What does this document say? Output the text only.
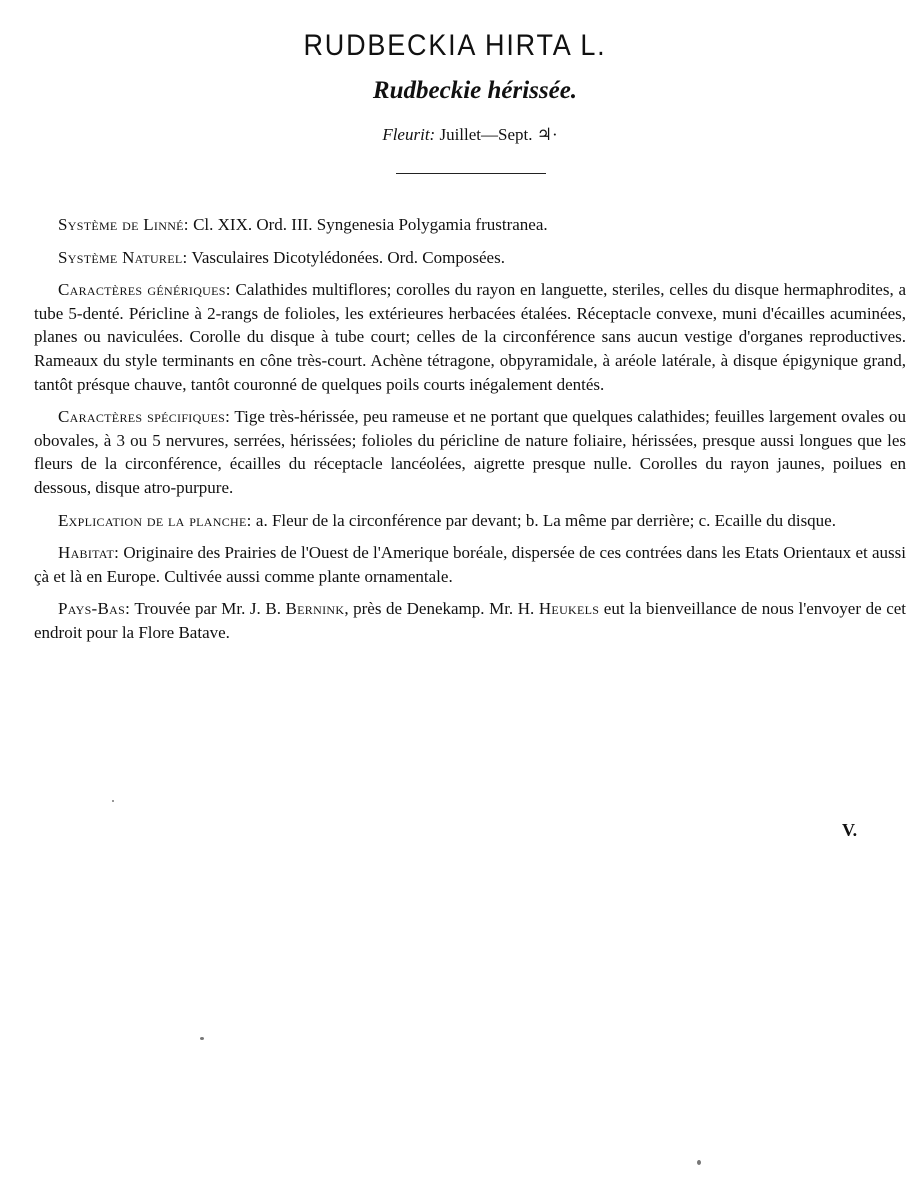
RUDBECKIA HIRTA L.
Rudbeckie hérissée.

Fleurit: Juillet—Sept. ♃·

Système de Linné: Cl. XIX. Ord. III. Syngenesia Polygamia frustranea.

Système Naturel: Vasculaires Dicotylédonées. Ord. Composées.

Caractères génériques: Calathides multiflores; corolles du rayon en languette, steriles, celles du disque hermaphrodites, a tube 5-denté. Péricline à 2-rangs de folioles, les extérieures herbacées étalées. Réceptacle convexe, muni d'écailles acuminées, planes ou naviculées. Corolle du disque à tube court; celles de la circonférence sans aucun vestige d'organes reproductives. Rameaux du style terminants en cône très-court. Achène tétragone, obpyramidale, à aréole latérale, à disque épigynique grand, tantôt présque chauve, tantôt couronné de quelques poils courts inégalement dentés.

Caractères spécifiques: Tige très-hérissée, peu rameuse et ne portant que quelques calathides; feuilles largement ovales ou obovales, à 3 ou 5 nervures, serrées, hérissées; folioles du péricline de nature foliaire, hérissées, presque aussi longues que les fleurs de la circonférence, écailles du réceptacle lancéolées, aigrette presque nulle. Corolles du rayon jaunes, poilues en dessous, disque atro-purpure.

Explication de la planche: a. Fleur de la circonférence par devant; b. La même par derrière; c. Ecaille du disque.

Habitat: Originaire des Prairies de l'Ouest de l'Amerique boréale, dispersée de ces contrées dans les Etats Orientaux et aussi çà et là en Europe. Cultivée aussi comme plante ornamentale.

Pays-Bas: Trouvée par Mr. J. B. Bernink, près de Denekamp. Mr. H. Heukels eut la bienveillance de nous l'envoyer de cet endroit pour la Flore Batave.

V.
